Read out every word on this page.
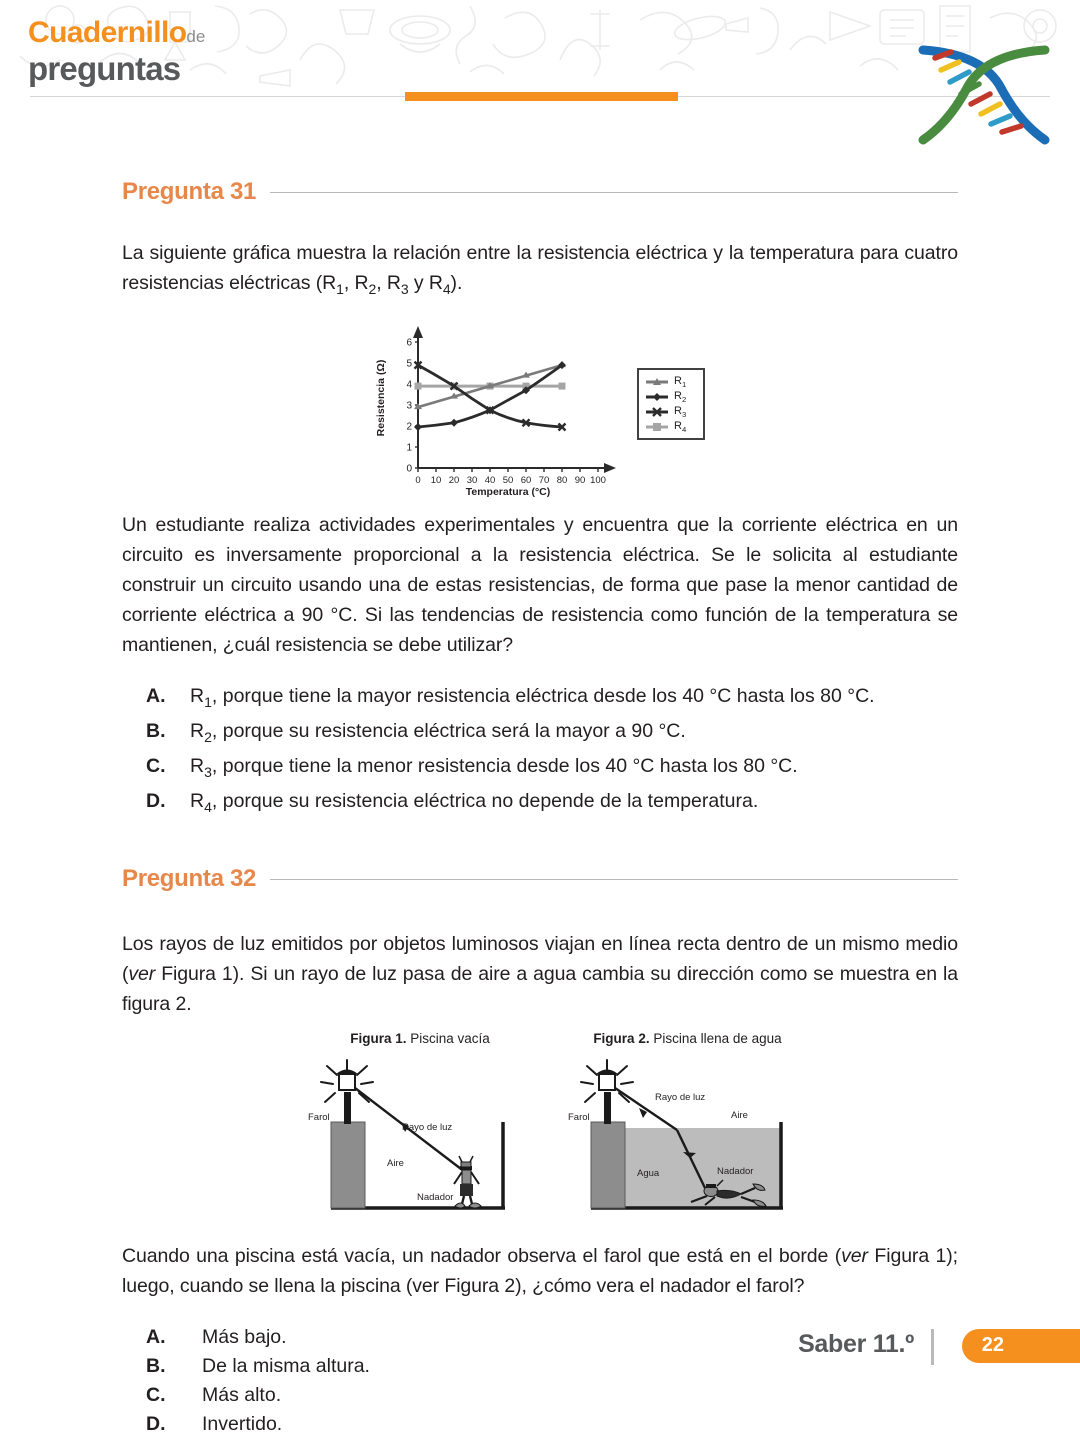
Cuadernillode
preguntas
Pregunta 31

La siguiente gráfica muestra la relación entre la resistencia eléctrica y la temperatura para cuatro resistencias eléctricas ($R_1$, $R_2$, $R_3$ y $R_4$).

Resistencia (Ω)
0
1
2
3
4
5
6
0 10 20 30 40 50 60 70 80 90 100
Temperatura (°C)
$R_1$
$R_2$
$R_3$
$R_4$

Un estudiante realiza actividades experimentales y encuentra que la corriente eléctrica en un circuito es inversamente proporcional a la resistencia eléctrica. Se le solicita al estudiante construir un circuito usando una de estas resistencias, de forma que pase la menor cantidad de corriente eléctrica a 90 °C. Si las tendencias de resistencia como función de la temperatura se mantienen, ¿cuál resistencia se debe utilizar?

A.	$R_1$, porque tiene la mayor resistencia eléctrica desde los 40 °C hasta los 80 °C.
B.	$R_2$, porque su resistencia eléctrica será la mayor a 90 °C.
C.	$R_3$, porque tiene la menor resistencia desde los 40 °C hasta los 80 °C.
D.	$R_4$, porque su resistencia eléctrica no depende de la temperatura.
Pregunta 32

Los rayos de luz emitidos por objetos luminosos viajan en línea recta dentro de un mismo medio (ver Figura 1). Si un rayo de luz pasa de aire a agua cambia su dirección como se muestra en la figura 2.

Figura 1. Piscina vacía
Farol
Rayo de luz
Aire
Nadador
Figura 2. Piscina llena de agua
Farol
Rayo de luz
Aire
Agua	Nadador

Cuando una piscina está vacía, un nadador observa el farol que está en el borde (ver Figura 1); luego, cuando se llena la piscina (ver Figura 2), ¿cómo vera el nadador el farol?

A.	Más bajo.
B.	De la misma altura.
C.	Más alto.
D.	Invertido.
Saber 11.º	22
